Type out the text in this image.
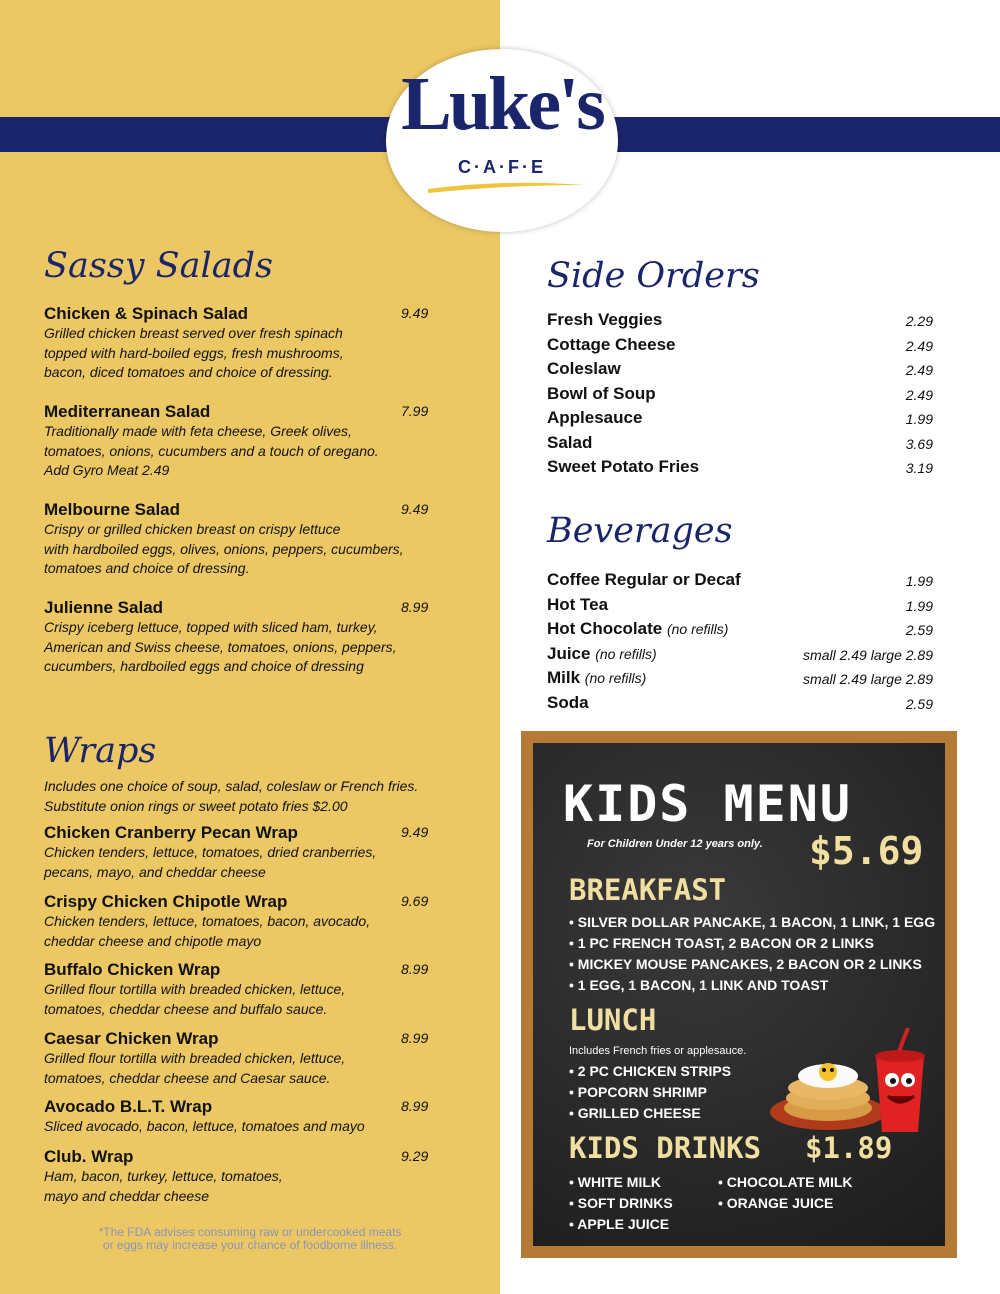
Luke's
C·A·F·E
Sassy Salads
Chicken & Spinach Salad	9.49
Grilled chicken breast served over fresh spinach
topped with hard-boiled eggs, fresh mushrooms,
bacon, diced tomatoes and choice of dressing.
Mediterranean Salad	7.99
Traditionally made with feta cheese, Greek olives,
tomatoes, onions, cucumbers and a touch of oregano.
Add Gyro Meat 2.49
Melbourne Salad	9.49
Crispy or grilled chicken breast on crispy lettuce
with hardboiled eggs, olives, onions, peppers, cucumbers,
tomatoes and choice of dressing.
Julienne Salad	8.99
Crispy iceberg lettuce, topped with sliced ham, turkey,
American and Swiss cheese, tomatoes, onions, peppers,
cucumbers, hardboiled eggs and choice of dressing
Wraps
Includes one choice of soup, salad, coleslaw or French fries.
Substitute onion rings or sweet potato fries $2.00
Chicken Cranberry Pecan Wrap	9.49
Chicken tenders, lettuce, tomatoes, dried cranberries,
pecans, mayo, and cheddar cheese
Crispy Chicken Chipotle Wrap	9.69
Chicken tenders, lettuce, tomatoes, bacon, avocado,
cheddar cheese and chipotle mayo
Buffalo Chicken Wrap	8.99
Grilled flour tortilla with breaded chicken, lettuce,
tomatoes, cheddar cheese and buffalo sauce.
Caesar Chicken Wrap	8.99
Grilled flour tortilla with breaded chicken, lettuce,
tomatoes, cheddar cheese and Caesar sauce.
Avocado B.L.T. Wrap	8.99
Sliced avocado, bacon, lettuce, tomatoes and mayo
Club. Wrap	9.29
Ham, bacon, turkey, lettuce, tomatoes,
mayo and cheddar cheese
*The FDA advises consuming raw or undercooked meats
or eggs may increase your chance of foodborne illness.
Side Orders
Fresh Veggies	2.29
Cottage Cheese	2.49
Coleslaw	2.49
Bowl of Soup	2.49
Applesauce	1.99
Salad	3.69
Sweet Potato Fries	3.19
Beverages
Coffee Regular or Decaf	1.99
Hot Tea	1.99
Hot Chocolate (no refills)	2.59
Juice (no refills)	small 2.49 large 2.89
Milk (no refills)	small 2.49 large 2.89
Soda	2.59
KIDS MENU
For Children Under 12 years only. $5.69
BREAKFAST
• SILVER DOLLAR PANCAKE, 1 BACON, 1 LINK, 1 EGG
• 1 PC FRENCH TOAST, 2 BACON OR 2 LINKS
• MICKEY MOUSE PANCAKES, 2 BACON OR 2 LINKS
• 1 EGG, 1 BACON, 1 LINK AND TOAST
LUNCH
Includes French fries or applesauce.
• 2 PC CHICKEN STRIPS
• POPCORN SHRIMP
• GRILLED CHEESE
KIDS DRINKS $1.89
• WHITE MILK
• SOFT DRINKS
• APPLE JUICE
• CHOCOLATE MILK
• ORANGE JUICE
